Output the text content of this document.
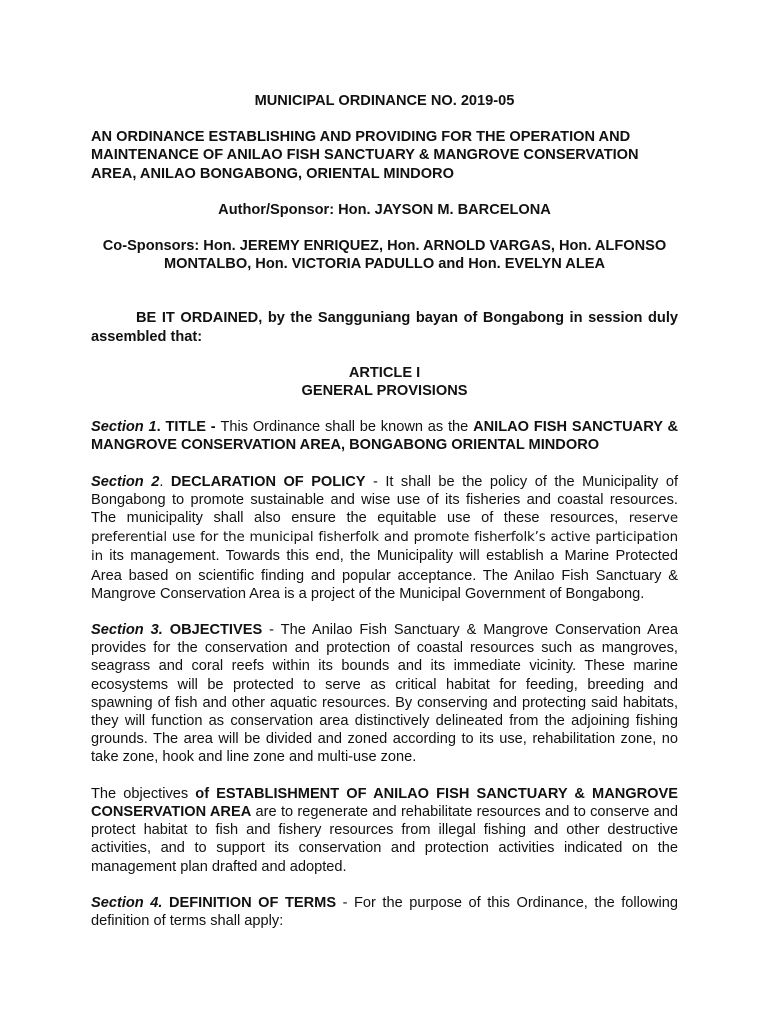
MUNICIPAL ORDINANCE NO. 2019-05

AN ORDINANCE ESTABLISHING AND PROVIDING FOR THE OPERATION AND

MAINTENANCE OF ANILAO FISH SANCTUARY & MANGROVE CONSERVATION

AREA, ANILAO BONGABONG, ORIENTAL MINDORO

Author/Sponsor: Hon. JAYSON M. BARCELONA

Co-Sponsors: Hon. JEREMY ENRIQUEZ, Hon. ARNOLD VARGAS, Hon. ALFONSO

MONTALBO, Hon. VICTORIA PADULLO and Hon. EVELYN ALEA

BE IT ORDAINED, by the Sangguniang bayan of Bongabong in session duly assembled that:

ARTICLE I

GENERAL PROVISIONS

Section 1. TITLE - This Ordinance shall be known as the ANILAO FISH SANCTUARY & MANGROVE CONSERVATION AREA, BONGABONG ORIENTAL MINDORO

Section 2. DECLARATION OF POLICY - It shall be the policy of the Municipality of Bongabong to promote sustainable and wise use of its fisheries and coastal resources. The municipality shall also ensure the equitable use of these resources, reserve preferential use for the municipal fisherfolk and promote fisherfolk’s active participation in its management. Towards this end, the Municipality will establish a Marine Protected Area based on scientific finding and popular acceptance. The Anilao Fish Sanctuary & Mangrove Conservation Area is a project of the Municipal Government of Bongabong.

Section 3. OBJECTIVES - The Anilao Fish Sanctuary & Mangrove Conservation Area provides for the conservation and protection of coastal resources such as mangroves, seagrass and coral reefs within its bounds and its immediate vicinity. These marine ecosystems will be protected to serve as critical habitat for feeding, breeding and spawning of fish and other aquatic resources. By conserving and protecting said habitats, they will function as conservation area distinctively delineated from the adjoining fishing grounds. The area will be divided and zoned according to its use, rehabilitation zone, no take zone, hook and line zone and multi-use zone.

The objectives of ESTABLISHMENT OF ANILAO FISH SANCTUARY & MANGROVE CONSERVATION AREA are to regenerate and rehabilitate resources and to conserve and protect habitat to fish and fishery resources from illegal fishing and other destructive activities, and to support its conservation and protection activities indicated on the management plan drafted and adopted.

Section 4. DEFINITION OF TERMS - For the purpose of this Ordinance, the following definition of terms shall apply:
